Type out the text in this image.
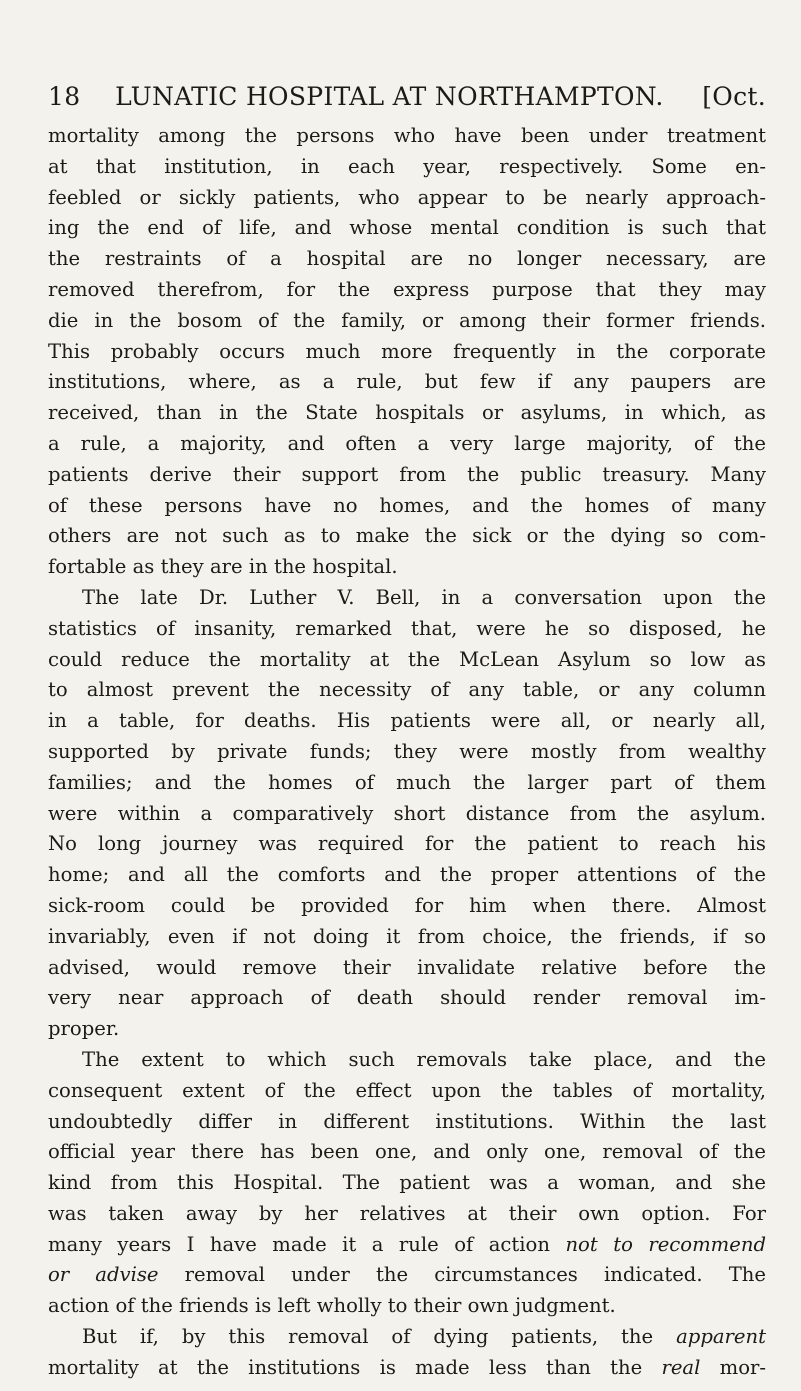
18	LUNATIC HOSPITAL AT NORTHAMPTON.	[Oct.
mortality among the persons who have been under treatment
at that institution, in each year, respectively. Some en-
feebled or sickly patients, who appear to be nearly approach-
ing the end of life, and whose mental condition is such that
the restraints of a hospital are no longer necessary, are
removed therefrom, for the express purpose that they may
die in the bosom of the family, or among their former friends.
This probably occurs much more frequently in the corporate
institutions, where, as a rule, but few if any paupers are
received, than in the State hospitals or asylums, in which, as
a rule, a majority, and often a very large majority, of the
patients derive their support from the public treasury. Many
of these persons have no homes, and the homes of many
others are not such as to make the sick or the dying so com-
fortable as they are in the hospital.
The late Dr. Luther V. Bell, in a conversation upon the
statistics of insanity, remarked that, were he so disposed, he
could reduce the mortality at the McLean Asylum so low as
to almost prevent the necessity of any table, or any column
in a table, for deaths. His patients were all, or nearly all,
supported by private funds; they were mostly from wealthy
families; and the homes of much the larger part of them
were within a comparatively short distance from the asylum.
No long journey was required for the patient to reach his
home; and all the comforts and the proper attentions of the
sick-room could be provided for him when there. Almost
invariably, even if not doing it from choice, the friends, if so
advised, would remove their invalidate relative before the
very near approach of death should render removal im-
proper.
The extent to which such removals take place, and the
consequent extent of the effect upon the tables of mortality,
undoubtedly differ in different institutions. Within the last
official year there has been one, and only one, removal of the
kind from this Hospital. The patient was a woman, and she
was taken away by her relatives at their own option. For
many years I have made it a rule of action not to recommend
or advise removal under the circumstances indicated. The
action of the friends is left wholly to their own judgment.
But if, by this removal of dying patients, the apparent
mortality at the institutions is made less than the real mor-
